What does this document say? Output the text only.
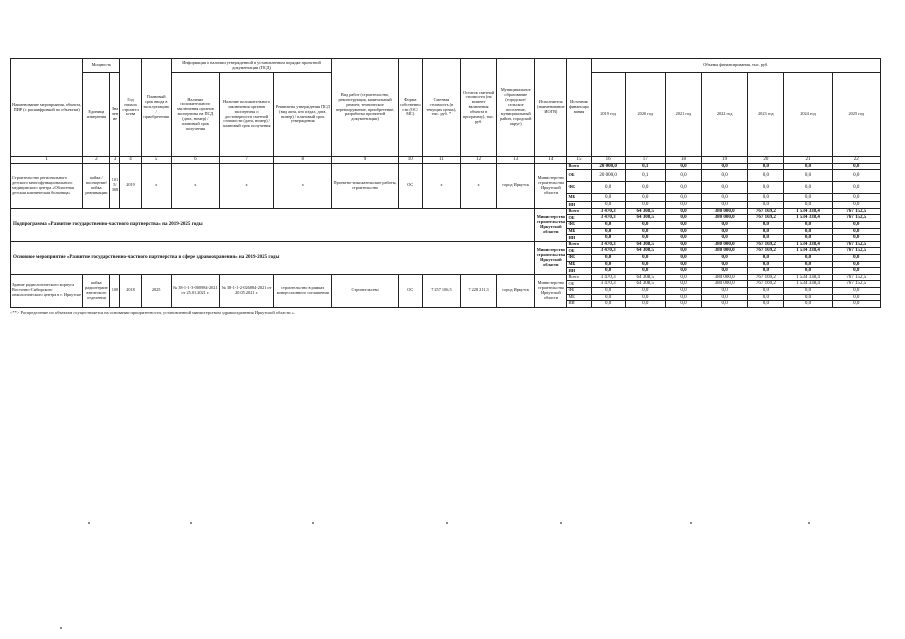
Наименование мероприятия, объекта, ПИР (с расшифровкой по объектам)	Мощность		Год начала строительства	Плановый срок ввода в эксплуатацию / приобретения	Информация о наличии утвержденной в установленном порядке проектной документации (ПСД)			Вид работ (строительство, реконструкция, капитальный ремонт, техническое перевооружение, приобретение, разработка проектной документации)	Форма собственности (ОС/МС)	Сметная стоимость (в текущих ценах), тыс. руб. *	Остаток сметной стоимости (на момент включения объекта в программу), тыс. руб.	Муниципальное образование (городское/сельское поселение, муниципальный район, городской округ)	Исполнитель (наименование ИОГВ)	Источник финансирования	Объемы финансирования, тыс. руб.						
	Единица измерения	Значение			Наличие положительного заключения органов экспертизы на ПСД (дата, номер) / плановый срок получения	Наличие положительного заключения органов экспертизы о достоверности сметной стоимости (дата, номер) / плановый срок получения	Реквизиты утверждения ПСД (вид акта, кто издал, дата, номер) / плановый срок утверждения								2019 год	2020 год	2021 год	2022 год	2023 год	2024 год	2025 год
1	2	3	4	5	6	7	8	9	10	11	12	13	14	15	16	17	18	19	20	21	22
Строительство регионального детского многофункционального медицинского центра «Областная детская клиническая больница»	койка / посещение/ койка реанимации	1015/ 308	2019	х	х	х	х	Проектно-изыскательские работы, строительство	ОС	х	х	город Иркутск	Министерство строительства Иркутской области	Всего	20 000,0	0,1	0,0	0,0	0,0	0,0	0,0
														ОБ	20 000,0	0,1	0,0	0,0	0,0	0,0	0,0
														ФБ	0,0	0,0	0,0	0,0	0,0	0,0	0,0
														МБ	0,0	0,0	0,0	0,0	0,0	0,0	0,0
														ИИ	0,0	0,0	0,0	0,0	0,0	0,0	0,0
Подпрограмма «Развитие государственно-частного партнерства» на 2019-2025 годы													Министерство строительства Иркутской области	Всего	3 470,3	64 308,5	0,0	380 000,0	767 169,2	1 534 338,4	767 152,5
														ОБ	3 470,3	64 308,5	0,0	380 000,0	767 169,2	1 534 338,4	767 152,5
														ФБ	0,0	0,0	0,0	0,0	0,0	0,0	0,0
														МБ	0,0	0,0	0,0	0,0	0,0	0,0	0,0
														ИИ	0,0	0,0	0,0	0,0	0,0	0,0	0,0
Основное мероприятие «Развитие государственно-частного партнерства в сфере здравоохранения» на 2019-2025 годы													Министерство строительства Иркутской области	Всего	3 470,3	64 308,5	0,0	380 000,0	767 169,2	1 534 338,4	767 152,5
														ОБ	3 470,3	64 308,5	0,0	380 000,0	767 169,2	1 534 338,4	767 152,5
														ФБ	0,0	0,0	0,0	0,0	0,0	0,0	0,0
														МБ	0,0	0,0	0,0	0,0	0,0	0,0	0,0
														ИИ	0,0	0,0	0,0	0,0	0,0	0,0	0,0
Здание радиологического корпуса Восточно-Сибирского онкологического центра в г. Иркутске	койка радиотерапевтического отделения	100	2018	2025	№ 38-1-1-3-000984-2021 от 25.01.2021 г.	№ 38-1-1-2-026884-2021 от 20.05.2021 г.	строительство в рамках концессионного соглашения	Строительство	ОС	7 257 106,5	7 228 211,3	город Иркутск	Министерство строительства Иркутской области	Всего	3 470,3	64 308,5	0,0	380 000,0	767 169,2	1 534 338,4	767 152,5
														ОБ	3 470,3	64 308,5	0,0	380 000,0	767 169,2	1 534 338,4	767 152,5
														ФБ	0,0	0,0	0,0	0,0	0,0	0,0	0,0
														МБ	0,0	0,0	0,0	0,0	0,0	0,0	0,0
														ИИ	0,0	0,0	0,0	0,0	0,0	0,0	0,0
<**> Распределение по объектам осуществляется на основании приоритетности, установленной министерством здравоохранения Иркутской области.».
